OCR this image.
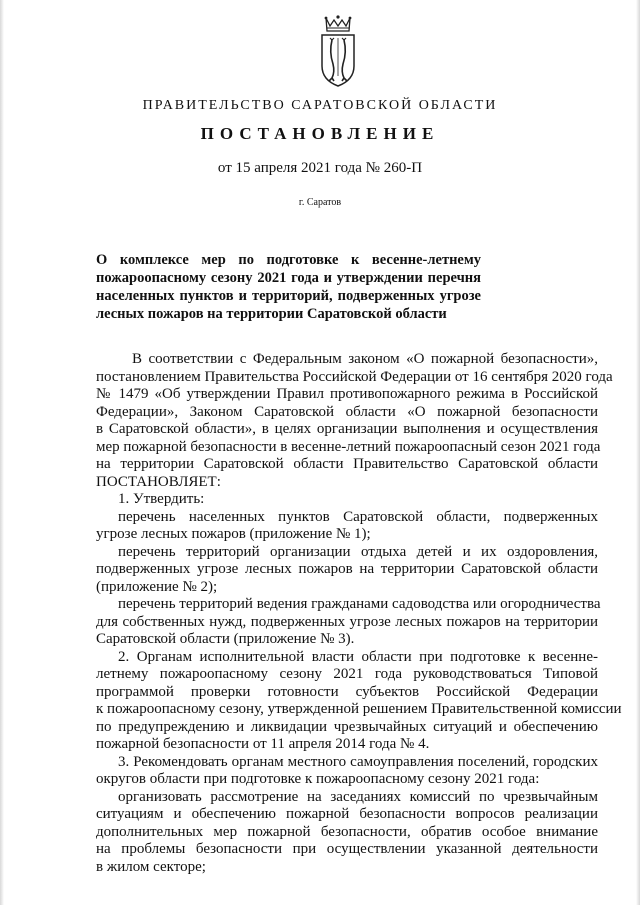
ПРАВИТЕЛЬСТВО САРАТОВСКОЙ ОБЛАСТИ
ПОСТАНОВЛЕНИЕ
от 15 апреля 2021 года № 260-П
г. Саратов
О комплексе мер по подготовке к весенне-летнему
пожароопасному сезону 2021 года и утверждении перечня
населенных пунктов и территорий, подверженных угрозе
лесных пожаров на территории Саратовской области
В соответствии с Федеральным законом «О пожарной безопасности»,
постановлением Правительства Российской Федерации от 16 сентября 2020 года
№ 1479 «Об утверждении Правил противопожарного режима в Российской
Федерации», Законом Саратовской области «О пожарной безопасности
в Саратовской области», в целях организации выполнения и осуществления
мер пожарной безопасности в весенне-летний пожароопасный сезон 2021 года
на территории Саратовской области Правительство Саратовской области
ПОСТАНОВЛЯЕТ:
1. Утвердить:
перечень населенных пунктов Саратовской области, подверженных
угрозе лесных пожаров (приложение № 1);
перечень территорий организации отдыха детей и их оздоровления,
подверженных угрозе лесных пожаров на территории Саратовской области
(приложение № 2);
перечень территорий ведения гражданами садоводства или огородничества
для собственных нужд, подверженных угрозе лесных пожаров на территории
Саратовской области (приложение № 3).
2. Органам исполнительной власти области при подготовке к весенне-
летнему пожароопасному сезону 2021 года руководствоваться Типовой
программой проверки готовности субъектов Российской Федерации
к пожароопасному сезону, утвержденной решением Правительственной комиссии
по предупреждению и ликвидации чрезвычайных ситуаций и обеспечению
пожарной безопасности от 11 апреля 2014 года № 4.
3. Рекомендовать органам местного самоуправления поселений, городских
округов области при подготовке к пожароопасному сезону 2021 года:
организовать рассмотрение на заседаниях комиссий по чрезвычайным
ситуациям и обеспечению пожарной безопасности вопросов реализации
дополнительных мер пожарной безопасности, обратив особое внимание
на проблемы безопасности при осуществлении указанной деятельности
в жилом секторе;
